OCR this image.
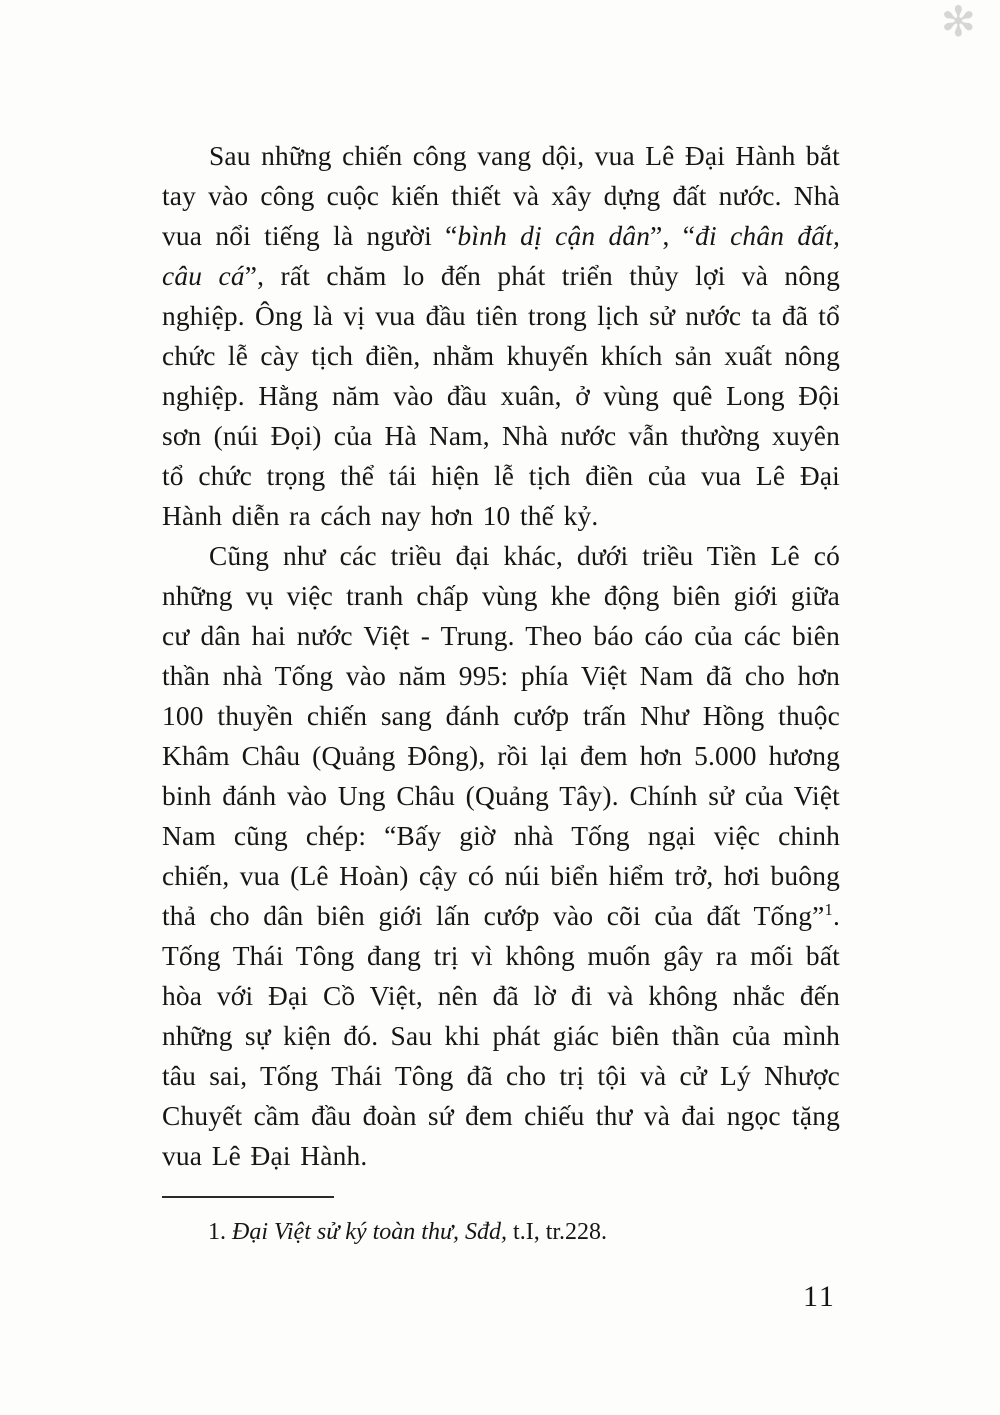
✻

Sau những chiến công vang dội, vua Lê Đại Hành bắt tay vào công cuộc kiến thiết và xây dựng đất nước. Nhà vua nổi tiếng là người “bình dị cận dân”, “đi chân đất, câu cá”, rất chăm lo đến phát triển thủy lợi và nông nghiệp. Ông là vị vua đầu tiên trong lịch sử nước ta đã tổ chức lễ cày tịch điền, nhằm khuyến khích sản xuất nông nghiệp. Hằng năm vào đầu xuân, ở vùng quê Long Đội sơn (núi Đọi) của Hà Nam, Nhà nước vẫn thường xuyên tổ chức trọng thể tái hiện lễ tịch điền của vua Lê Đại Hành diễn ra cách nay hơn 10 thế kỷ.

Cũng như các triều đại khác, dưới triều Tiền Lê có những vụ việc tranh chấp vùng khe động biên giới giữa cư dân hai nước Việt - Trung. Theo báo cáo của các biên thần nhà Tống vào năm 995: phía Việt Nam đã cho hơn 100 thuyền chiến sang đánh cướp trấn Như Hồng thuộc Khâm Châu (Quảng Đông), rồi lại đem hơn 5.000 hương binh đánh vào Ung Châu (Quảng Tây). Chính sử của Việt Nam cũng chép: “Bấy giờ nhà Tống ngại việc chinh chiến, vua (Lê Hoàn) cậy có núi biển hiểm trở, hơi buông thả cho dân biên giới lấn cướp vào cõi của đất Tống”$^1$. Tống Thái Tông đang trị vì không muốn gây ra mối bất hòa với Đại Cồ Việt, nên đã lờ đi và không nhắc đến những sự kiện đó. Sau khi phát giác biên thần của mình tâu sai, Tống Thái Tông đã cho trị tội và cử Lý Nhược Chuyết cầm đầu đoàn sứ đem chiếu thư và đai ngọc tặng vua Lê Đại Hành.

1. Đại Việt sử ký toàn thư, Sđd, t.I, tr.228.

11
